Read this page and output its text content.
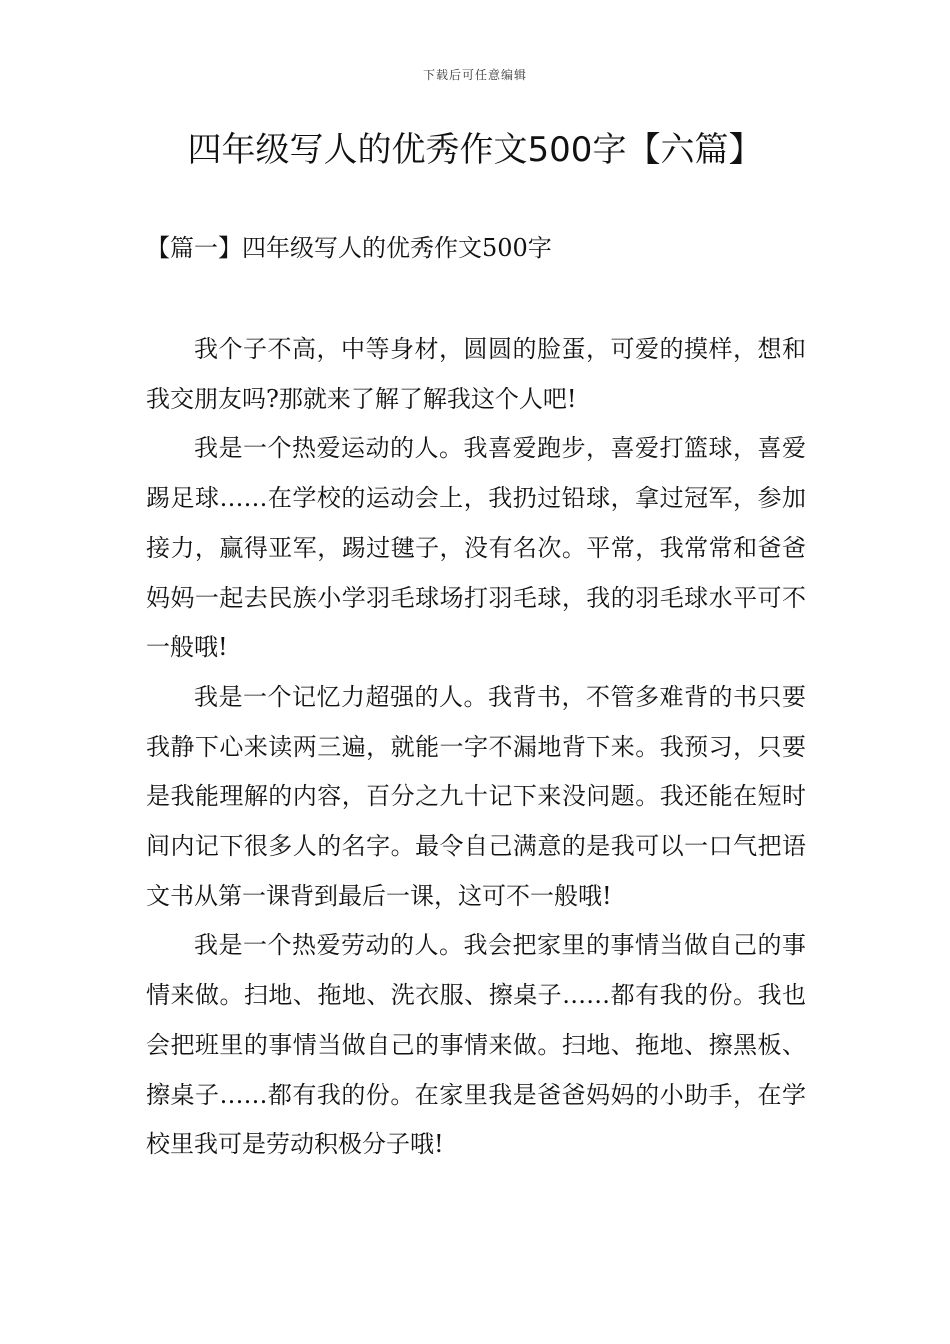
下载后可任意编辑
四年级写人的优秀作文500字【六篇】
【篇一】四年级写人的优秀作文500字

我个子不高，中等身材，圆圆的脸蛋，可爱的摸样，想和我交朋友吗?那就来了解了解我这个人吧!

我是一个热爱运动的人。我喜爱跑步，喜爱打篮球，喜爱踢足球……在学校的运动会上，我扔过铅球，拿过冠军，参加接力，赢得亚军，踢过毽子，没有名次。平常，我常常和爸爸妈妈一起去民族小学羽毛球场打羽毛球，我的羽毛球水平可不一般哦!

我是一个记忆力超强的人。我背书，不管多难背的书只要我静下心来读两三遍，就能一字不漏地背下来。我预习，只要是我能理解的内容，百分之九十记下来没问题。我还能在短时间内记下很多人的名字。最令自己满意的是我可以一口气把语文书从第一课背到最后一课，这可不一般哦!

我是一个热爱劳动的人。我会把家里的事情当做自己的事情来做。扫地、拖地、洗衣服、擦桌子……都有我的份。我也会把班里的事情当做自己的事情来做。扫地、拖地、擦黑板、擦桌子……都有我的份。在家里我是爸爸妈妈的小助手，在学校里我可是劳动积极分子哦!
